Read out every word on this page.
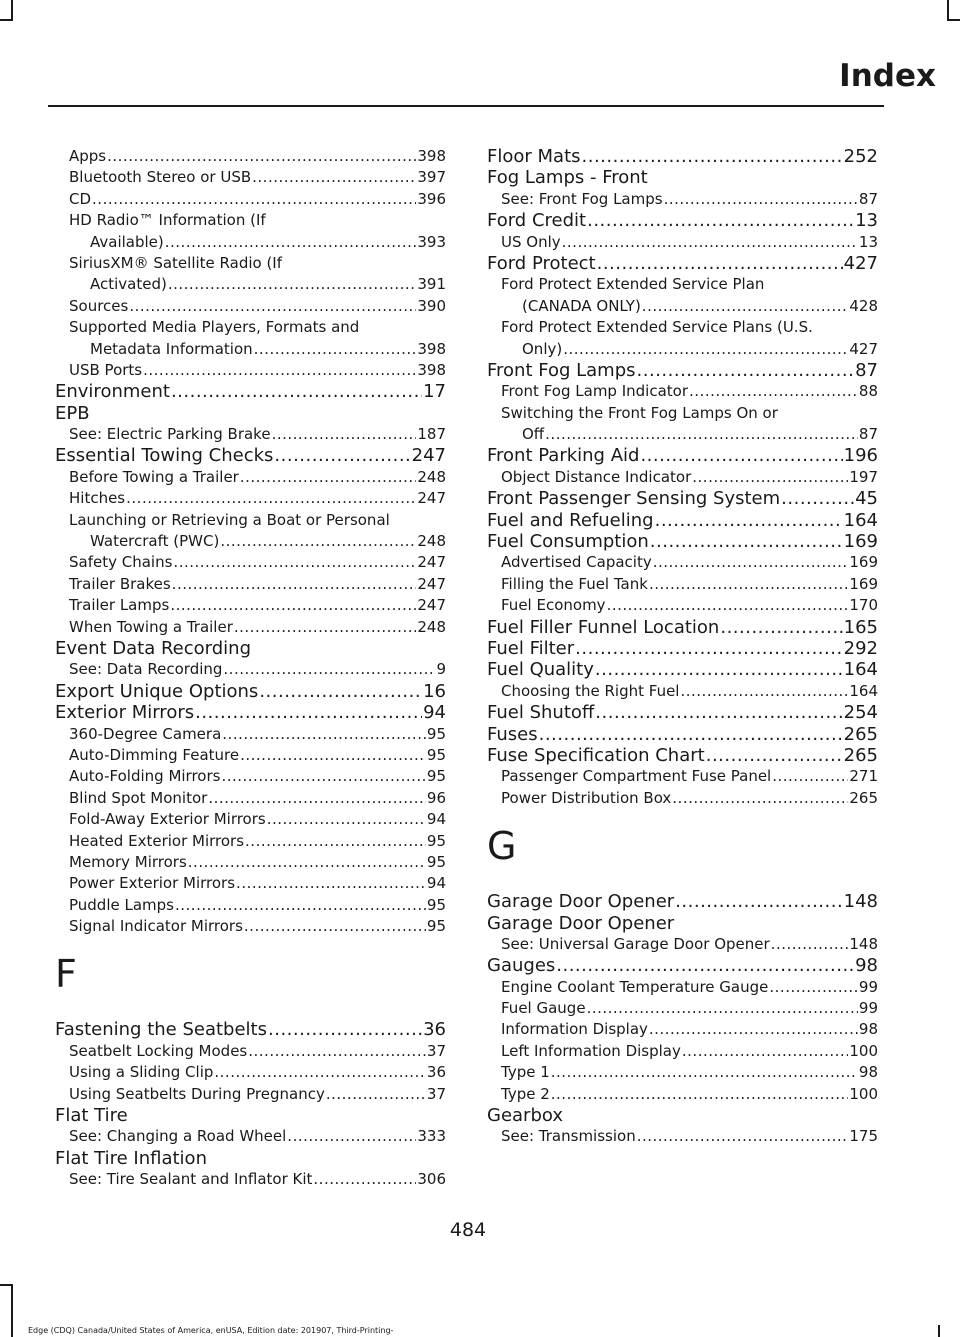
Index
Apps .....	398
Bluetooth Stereo or USB .....	397
CD .....	396
HD Radio™ Information (If
Available) .....	393
SiriusXM® Satellite Radio (If
Activated) .....	391
Sources .....	390
Supported Media Players, Formats and
Metadata Information .....	398
USB Ports .....	398
Environment .....	17
EPB
See: Electric Parking Brake .....	187
Essential Towing Checks .....	247
Before Towing a Trailer .....	248
Hitches .....	247
Launching or Retrieving a Boat or Personal
Watercraft (PWC) .....	248
Safety Chains .....	247
Trailer Brakes .....	247
Trailer Lamps .....	247
When Towing a Trailer .....	248
Event Data Recording
See: Data Recording .....	9
Export Unique Options .....	16
Exterior Mirrors .....	94
360-Degree Camera .....	95
Auto-Dimming Feature .....	95
Auto-Folding Mirrors .....	95
Blind Spot Monitor .....	96
Fold-Away Exterior Mirrors .....	94
Heated Exterior Mirrors .....	95
Memory Mirrors .....	95
Power Exterior Mirrors .....	94
Puddle Lamps .....	95
Signal Indicator Mirrors .....	95
F
Fastening the Seatbelts .....	36
Seatbelt Locking Modes .....	37
Using a Sliding Clip .....	36
Using Seatbelts During Pregnancy .....	37
Flat Tire
See: Changing a Road Wheel .....	333
Flat Tire Inflation
See: Tire Sealant and Inflator Kit .....	306
Floor Mats .....	252
Fog Lamps - Front
See: Front Fog Lamps .....	87
Ford Credit .....	13
US Only .....	13
Ford Protect .....	427
Ford Protect Extended Service Plan
(CANADA ONLY) .....	428
Ford Protect Extended Service Plans (U.S.
Only) .....	427
Front Fog Lamps .....	87
Front Fog Lamp Indicator .....	88
Switching the Front Fog Lamps On or
Off .....	87
Front Parking Aid .....	196
Object Distance Indicator .....	197
Front Passenger Sensing System .....	45
Fuel and Refueling .....	164
Fuel Consumption .....	169
Advertised Capacity .....	169
Filling the Fuel Tank .....	169
Fuel Economy .....	170
Fuel Filler Funnel Location .....	165
Fuel Filter .....	292
Fuel Quality .....	164
Choosing the Right Fuel .....	164
Fuel Shutoff .....	254
Fuses .....	265
Fuse Specification Chart .....	265
Passenger Compartment Fuse Panel .....	271
Power Distribution Box .....	265
G
Garage Door Opener .....	148
Garage Door Opener
See: Universal Garage Door Opener .....	148
Gauges .....	98
Engine Coolant Temperature Gauge .....	99
Fuel Gauge .....	99
Information Display .....	98
Left Information Display .....	100
Type 1 .....	98
Type 2 .....	100
Gearbox
See: Transmission .....	175
484
Edge (CDQ) Canada/United States of America, enUSA, Edition date: 201907, Third-Printing-
